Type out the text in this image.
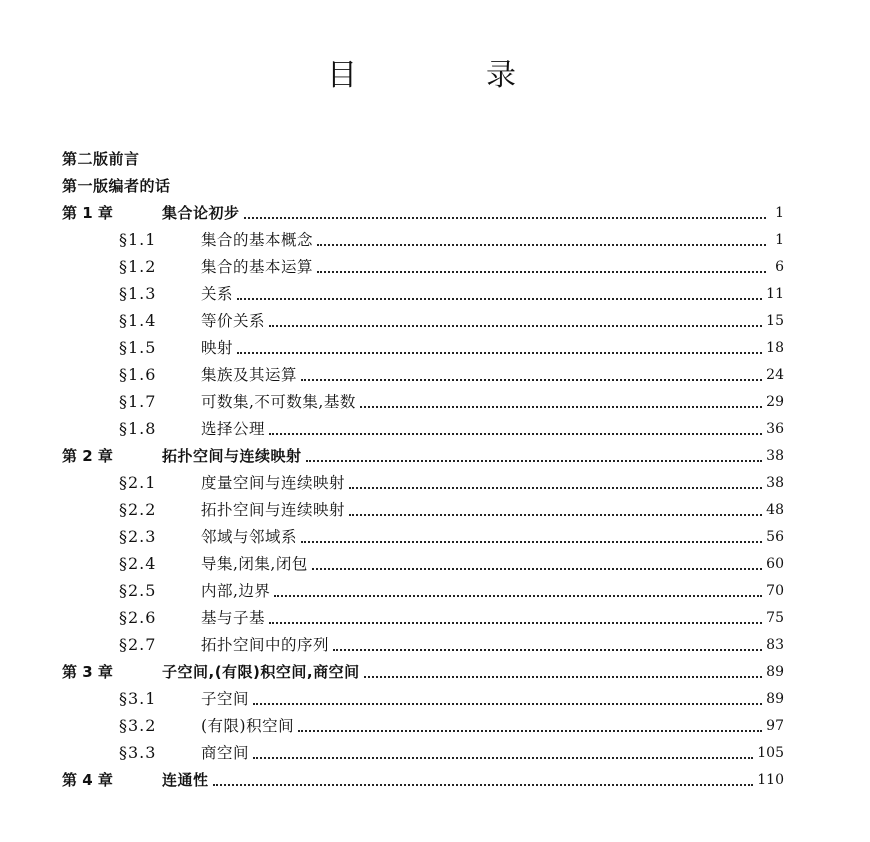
目	录
第二版前言
第一版编者的话
第 1 章	集合论初步	1
§1.1	集合的基本概念	1
§1.2	集合的基本运算	6
§1.3	关系	11
§1.4	等价关系	15
§1.5	映射	18
§1.6	集族及其运算	24
§1.7	可数集,不可数集,基数	29
§1.8	选择公理	36
第 2 章	拓扑空间与连续映射	38
§2.1	度量空间与连续映射	38
§2.2	拓扑空间与连续映射	48
§2.3	邻域与邻域系	56
§2.4	导集,闭集,闭包	60
§2.5	内部,边界	70
§2.6	基与子基	75
§2.7	拓扑空间中的序列	83
第 3 章	子空间,(有限)积空间,商空间	89
§3.1	子空间	89
§3.2	(有限)积空间	97
§3.3	商空间	105
第 4 章	连通性	110
